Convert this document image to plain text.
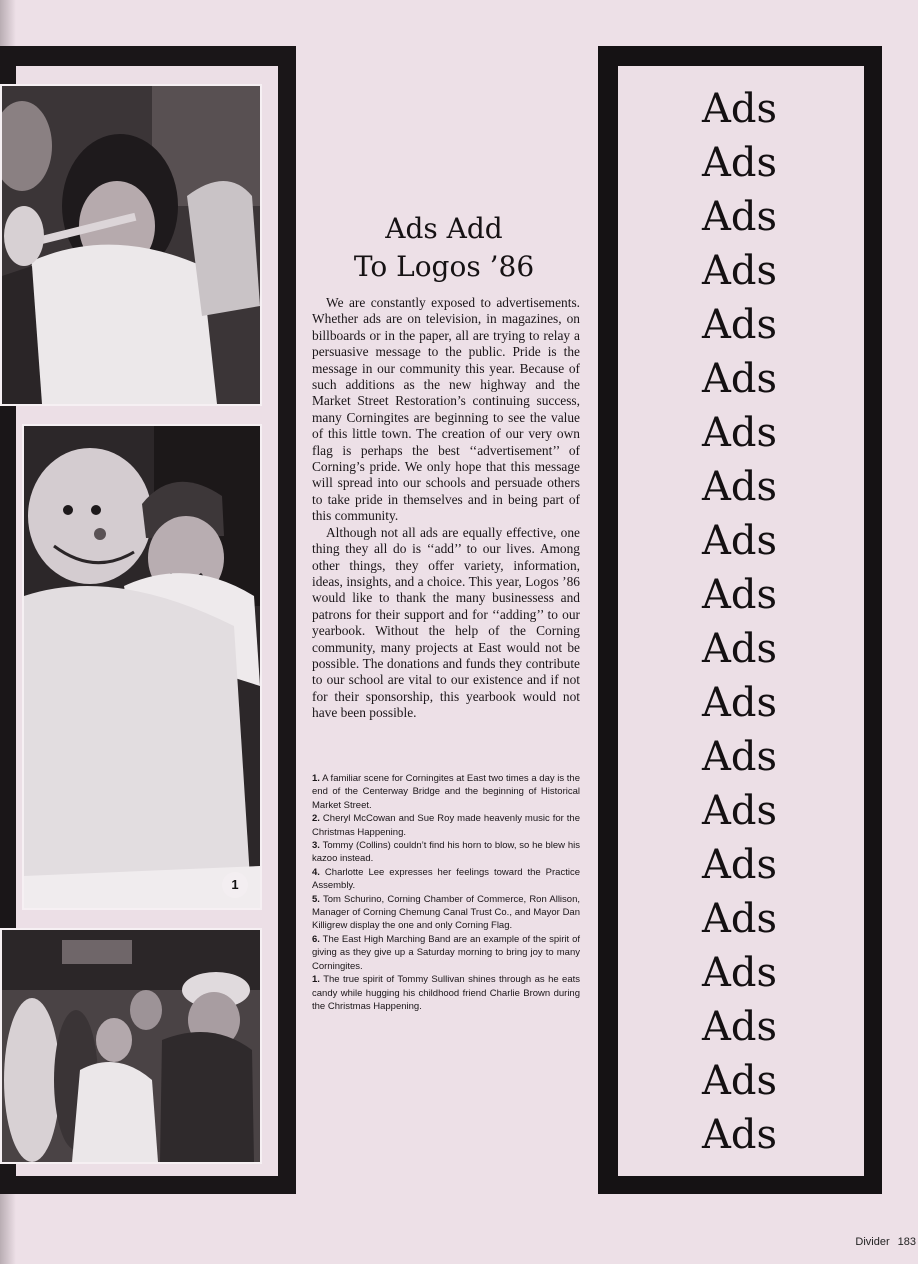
1
Ads Add
To Logos ’86

We are constantly exposed to advertisements. Whether ads are on television, in magazines, on billboards or in the paper, all are trying to relay a persuasive message to the public. Pride is the message in our community this year. Because of such additions as the new highway and the Market Street Restoration’s continuing success, many Corningites are beginning to see the value of this little town. The creation of our very own flag is perhaps the best ‘‘advertisement’’ of Corning’s pride. We only hope that this message will spread into our schools and persuade others to take pride in themselves and in being part of this community.

Although not all ads are equally effective, one thing they all do is ‘‘add’’ to our lives. Among other things, they offer variety, information, ideas, insights, and a choice. This year, Logos ’86 would like to thank the many businessess and patrons for their support and for ‘‘adding’’ to our yearbook. Without the help of the Corning community, many projects at East would not be possible. The donations and funds they contribute to our school are vital to our existence and if not for their sponsorship, this yearbook would not have been possible.

1. A familiar scene for Corningites at East two times a day is the end of the Centerway Bridge and the beginning of Historical Market Street.

2. Cheryl McCowan and Sue Roy made heavenly music for the Christmas Happening.

3. Tommy (Collins) couldn’t find his horn to blow, so he blew his kazoo instead.

4. Charlotte Lee expresses her feelings toward the Practice Assembly.

5. Tom Schurino, Corning Chamber of Commerce, Ron Allison, Manager of Corning Chemung Canal Trust Co., and Mayor Dan Killigrew display the one and only Corning Flag.

6. The East High Marching Band are an example of the spirit of giving as they give up a Saturday morning to bring joy to many Corningites.

1. The true spirit of Tommy Sullivan shines through as he eats candy while hugging his childhood friend Charlie Brown during the Christmas Happening.

Ads
Ads
Ads
Ads
Ads
Ads
Ads
Ads
Ads
Ads
Ads
Ads
Ads
Ads
Ads
Ads
Ads
Ads
Ads
Ads
Divider 183
